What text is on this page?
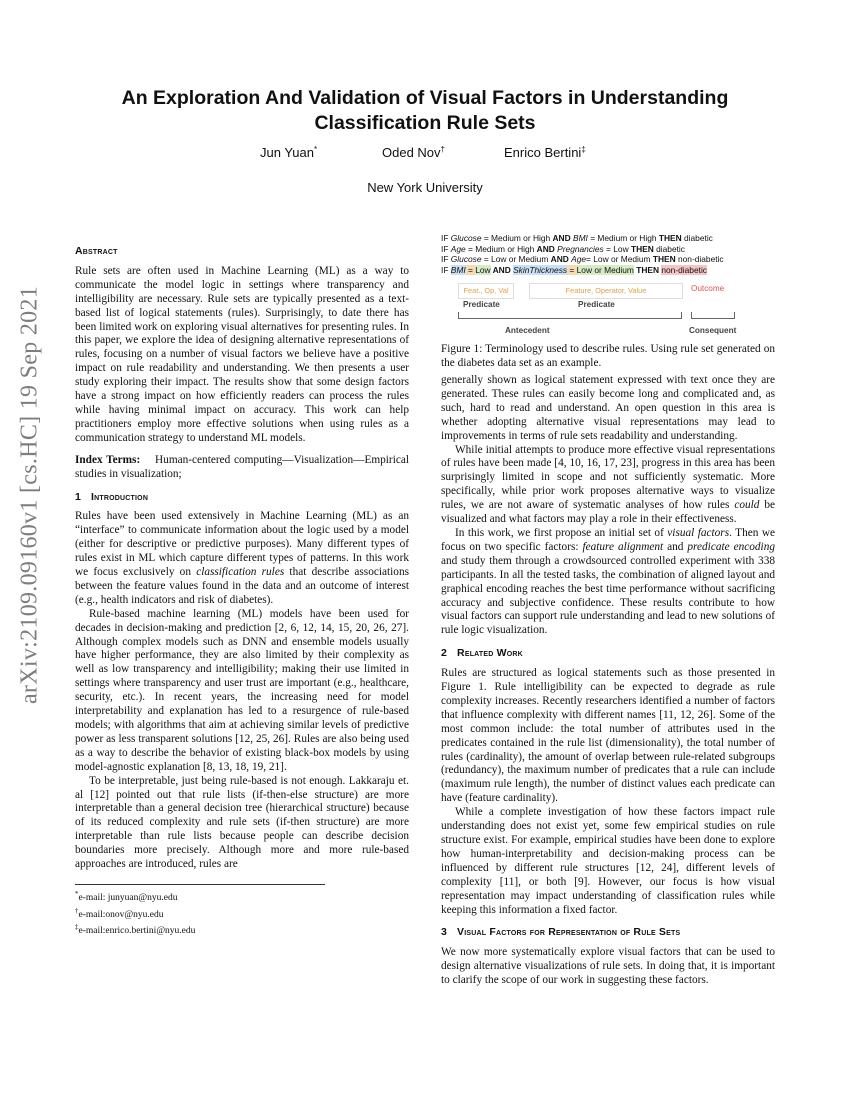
arXiv:2109.09160v1 [cs.HC] 19 Sep 2021
An Exploration And Validation of Visual Factors in Understanding Classification Rule Sets
Jun Yuan*	Oded Nov†	Enrico Bertini‡
New York University
Abstract

Rule sets are often used in Machine Learning (ML) as a way to communicate the model logic in settings where transparency and intelligibility are necessary. Rule sets are typically presented as a text-based list of logical statements (rules). Surprisingly, to date there has been limited work on exploring visual alternatives for presenting rules. In this paper, we explore the idea of designing alternative representations of rules, focusing on a number of visual factors we believe have a positive impact on rule readability and understanding. We then presents a user study exploring their impact. The results show that some design factors have a strong impact on how efficiently readers can process the rules while having minimal impact on accuracy. This work can help practitioners employ more effective solutions when using rules as a communication strategy to understand ML models.

Index Terms: Human-centered computing—Visualization—Empirical studies in visualization;

1 Introduction

Rules have been used extensively in Machine Learning (ML) as an “interface” to communicate information about the logic used by a model (either for descriptive or predictive purposes). Many different types of rules exist in ML which capture different types of patterns. In this work we focus exclusively on classification rules that describe associations between the feature values found in the data and an outcome of interest (e.g., health indicators and risk of diabetes).

Rule-based machine learning (ML) models have been used for decades in decision-making and prediction [2, 6, 12, 14, 15, 20, 26, 27]. Although complex models such as DNN and ensemble models usually have higher performance, they are also limited by their complexity as well as low transparency and intelligibility; making their use limited in settings where transparency and user trust are important (e.g., healthcare, security, etc.). In recent years, the increasing need for model interpretability and explanation has led to a resurgence of rule-based models; with algorithms that aim at achieving similar levels of predictive power as less transparent solutions [12, 25, 26]. Rules are also being used as a way to describe the behavior of existing black-box models by using model-agnostic explanation [8, 13, 18, 19, 21].

To be interpretable, just being rule-based is not enough. Lakkaraju et. al [12] pointed out that rule lists (if-then-else structure) are more interpretable than a general decision tree (hierarchical structure) because of its reduced complexity and rule sets (if-then structure) are more interpretable than rule lists because people can describe decision boundaries more precisely. Although more and more rule-based approaches are introduced, rules are

*e-mail: junyuan@nyu.edu
†e-mail:onov@nyu.edu
‡e-mail:enrico.bertini@nyu.edu
IF Glucose = Medium or High AND BMI = Medium or High THEN diabetic
IF Age = Medium or High AND Pregnancies = Low THEN diabetic
IF Glucose = Low or Medium AND Age= Low or Medium THEN non-diabetic
IF BMI = Low AND SkinThickness = Low or Medium THEN non-diabetic
Feat., Op, Val	Feature, Operator, Value	Outcome
Predicate	Predicate
Antecedent	Consequent
Figure 1: Terminology used to describe rules. Using rule set generated on the diabetes data set as an example.

generally shown as logical statement expressed with text once they are generated. These rules can easily become long and complicated and, as such, hard to read and understand. An open question in this area is whether adopting alternative visual representations may lead to improvements in terms of rule sets readability and understanding.

While initial attempts to produce more effective visual representations of rules have been made [4, 10, 16, 17, 23], progress in this area has been surprisingly limited in scope and not sufficiently systematic. More specifically, while prior work proposes alternative ways to visualize rules, we are not aware of systematic analyses of how rules could be visualized and what factors may play a role in their effectiveness.

In this work, we first propose an initial set of visual factors. Then we focus on two specific factors: feature alignment and predicate encoding and study them through a crowdsourced controlled experiment with 338 participants. In all the tested tasks, the combination of aligned layout and graphical encoding reaches the best time performance without sacrificing accuracy and subjective confidence. These results contribute to how visual factors can support rule understanding and lead to new solutions of rule logic visualization.

2 Related Work

Rules are structured as logical statements such as those presented in Figure 1. Rule intelligibility can be expected to degrade as rule complexity increases. Recently researchers identified a number of factors that influence complexity with different names [11, 12, 26]. Some of the most common include: the total number of attributes used in the predicates contained in the rule list (dimensionality), the total number of rules (cardinality), the amount of overlap between rule-related subgroups (redundancy), the maximum number of predicates that a rule can include (maximum rule length), the number of distinct values each predicate can have (feature cardinality).

While a complete investigation of how these factors impact rule understanding does not exist yet, some few empirical studies on rule structure exist. For example, empirical studies have been done to explore how human-interpretability and decision-making process can be influenced by different rule structures [12, 24], different levels of complexity [11], or both [9]. However, our focus is how visual representation may impact understanding of classification rules while keeping this information a fixed factor.

3 Visual Factors for Representation of Rule Sets

We now more systematically explore visual factors that can be used to design alternative visualizations of rule sets. In doing that, it is important to clarify the scope of our work in suggesting these factors.
